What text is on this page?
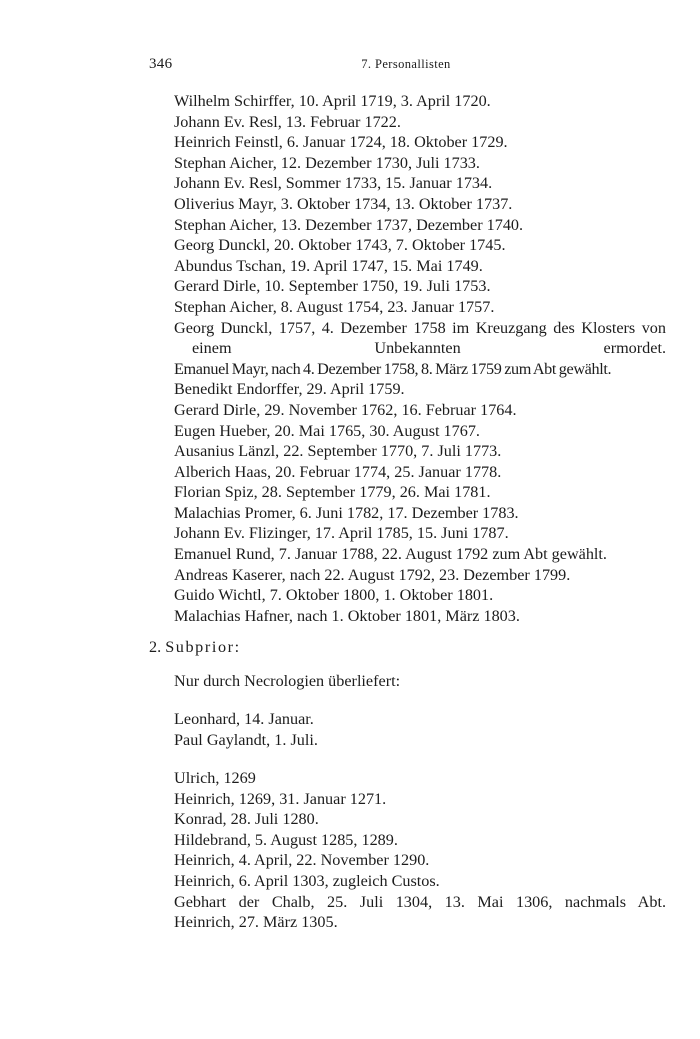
346	7. Personallisten
Wilhelm Schirffer, 10. April 1719, 3. April 1720.
Johann Ev. Resl, 13. Februar 1722.
Heinrich Feinstl, 6. Januar 1724, 18. Oktober 1729.
Stephan Aicher, 12. Dezember 1730, Juli 1733.
Johann Ev. Resl, Sommer 1733, 15. Januar 1734.
Oliverius Mayr, 3. Oktober 1734, 13. Oktober 1737.
Stephan Aicher, 13. Dezember 1737, Dezember 1740.
Georg Dunckl, 20. Oktober 1743, 7. Oktober 1745.
Abundus Tschan, 19. April 1747, 15. Mai 1749.
Gerard Dirle, 10. September 1750, 19. Juli 1753.
Stephan Aicher, 8. August 1754, 23. Januar 1757.
Georg Dunckl, 1757, 4. Dezember 1758 im Kreuzgang des Klosters von einem Unbekannten ermordet.
Emanuel Mayr, nach 4. Dezember 1758, 8. März 1759 zum Abt gewählt.
Benedikt Endorffer, 29. April 1759.
Gerard Dirle, 29. November 1762, 16. Februar 1764.
Eugen Hueber, 20. Mai 1765, 30. August 1767.
Ausanius Länzl, 22. September 1770, 7. Juli 1773.
Alberich Haas, 20. Februar 1774, 25. Januar 1778.
Florian Spiz, 28. September 1779, 26. Mai 1781.
Malachias Promer, 6. Juni 1782, 17. Dezember 1783.
Johann Ev. Flizinger, 17. April 1785, 15. Juni 1787.
Emanuel Rund, 7. Januar 1788, 22. August 1792 zum Abt gewählt.
Andreas Kaserer, nach 22. August 1792, 23. Dezember 1799.
Guido Wichtl, 7. Oktober 1800, 1. Oktober 1801.
Malachias Hafner, nach 1. Oktober 1801, März 1803.
2. Subprior:
Nur durch Necrologien überliefert:
Leonhard, 14. Januar.
Paul Gaylandt, 1. Juli.
Ulrich, 1269
Heinrich, 1269, 31. Januar 1271.
Konrad, 28. Juli 1280.
Hildebrand, 5. August 1285, 1289.
Heinrich, 4. April, 22. November 1290.
Heinrich, 6. April 1303, zugleich Custos.
Gebhart der Chalb, 25. Juli 1304, 13. Mai 1306, nachmals Abt.
Heinrich, 27. März 1305.
